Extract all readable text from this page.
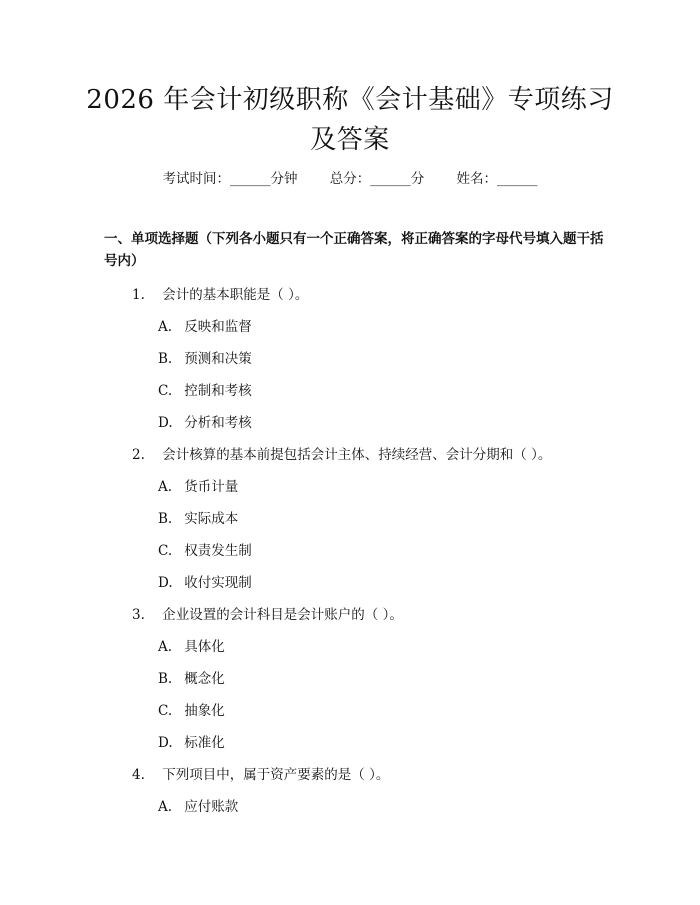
2026 年会计初级职称《会计基础》专项练习及答案
考试时间：______分钟 总分：______分 姓名：______
一、单项选择题（下列各小题只有一个正确答案，将正确答案的字母代号填入题干括号内）
1. 会计的基本职能是（ ）。
A. 反映和监督
B. 预测和决策
C. 控制和考核
D. 分析和考核
2. 会计核算的基本前提包括会计主体、持续经营、会计分期和（ ）。
A. 货币计量
B. 实际成本
C. 权责发生制
D. 收付实现制
3. 企业设置的会计科目是会计账户的（ ）。
A. 具体化
B. 概念化
C. 抽象化
D. 标准化
4. 下列项目中，属于资产要素的是（ ）。
A. 应付账款
